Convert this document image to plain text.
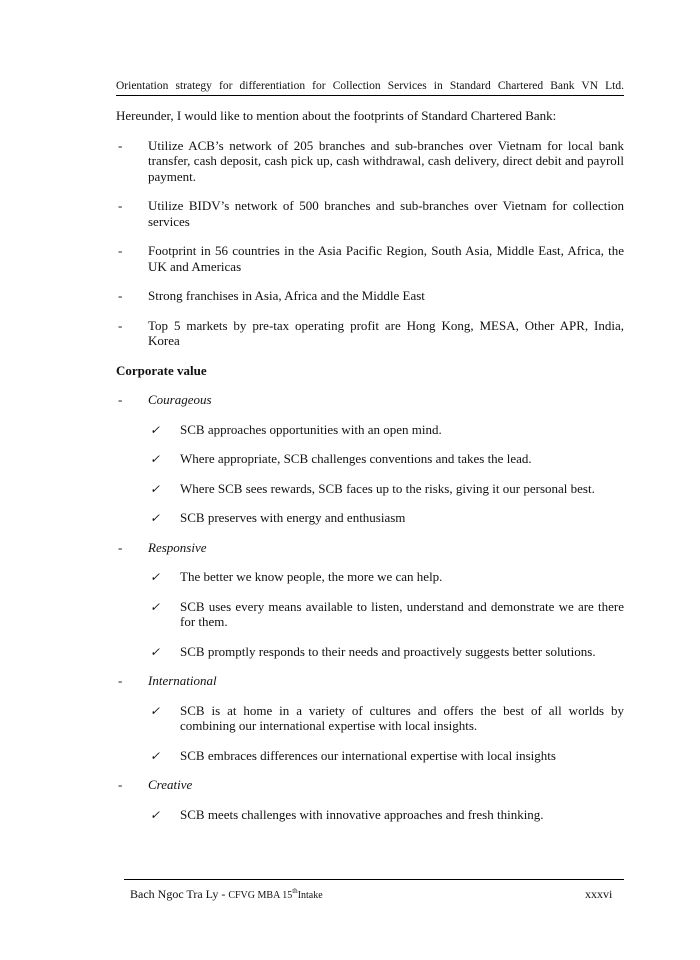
Orientation strategy for differentiation for Collection Services in Standard Chartered Bank VN Ltd.

Hereunder, I would like to mention about the footprints of Standard Chartered Bank:

- Utilize ACB’s network of 205 branches and sub-branches over Vietnam for local bank transfer, cash deposit, cash pick up, cash withdrawal, cash delivery, direct debit and payroll payment.
- Utilize BIDV’s network of 500 branches and sub-branches over Vietnam for collection services
- Footprint in 56 countries in the Asia Pacific Region, South Asia, Middle East, Africa, the UK and Americas
- Strong franchises in Asia, Africa and the Middle East
- Top 5 markets by pre-tax operating profit are Hong Kong, MESA, Other APR, India, Korea
Corporate value
- Courageous
✓ SCB approaches opportunities with an open mind.
✓ Where appropriate, SCB challenges conventions and takes the lead.
✓ Where SCB sees rewards, SCB faces up to the risks, giving it our personal best.
✓ SCB preserves with energy and enthusiasm
- Responsive
✓ The better we know people, the more we can help.
✓ SCB uses every means available to listen, understand and demonstrate we are there for them.
✓ SCB promptly responds to their needs and proactively suggests better solutions.
- International
✓ SCB is at home in a variety of cultures and offers the best of all worlds by combining our international expertise with local insights.
✓ SCB embraces differences our international expertise with local insights
- Creative
✓ SCB meets challenges with innovative approaches and fresh thinking.
Bach Ngoc Tra Ly - CFVG MBA 15thIntake	xxxvi
